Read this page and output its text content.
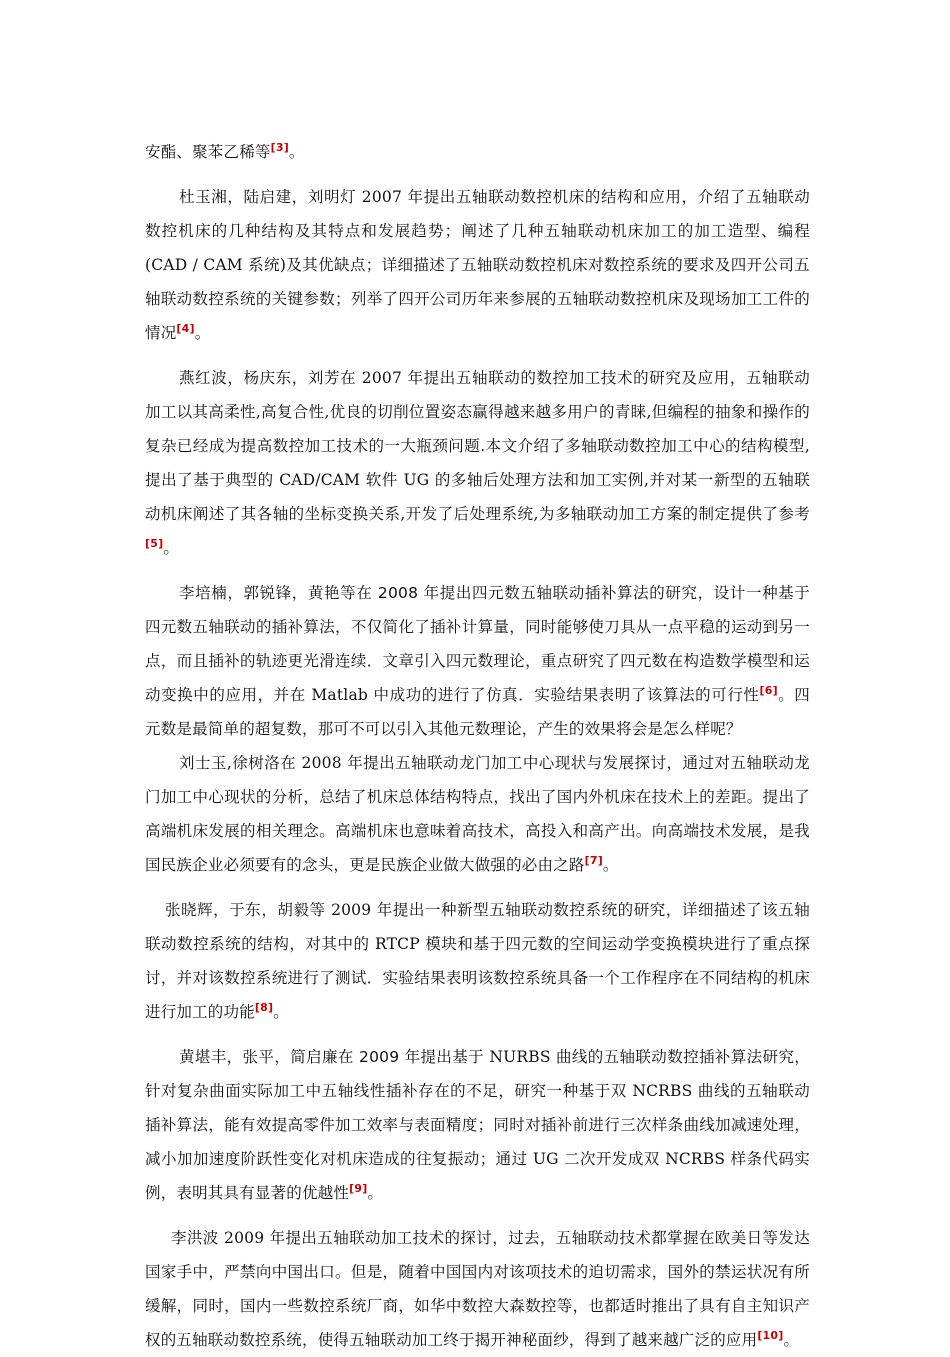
安酯、聚苯乙稀等[3]。

杜玉湘，陆启建，刘明灯 2007 年提出五轴联动数控机床的结构和应用，介绍了五轴联动数控机床的几种结构及其特点和发展趋势；阐述了几种五轴联动机床加工的加工造型、编程(CAD / CAM 系统)及其优缺点；详细描述了五轴联动数控机床对数控系统的要求及四开公司五轴联动数控系统的关键参数；列举了四开公司历年来参展的五轴联动数控机床及现场加工工件的情况[4]。

燕红波，杨庆东，刘芳在 2007 年提出五轴联动的数控加工技术的研究及应用，五轴联动加工以其高柔性,高复合性,优良的切削位置姿态赢得越来越多用户的青睐,但编程的抽象和操作的复杂已经成为提高数控加工技术的一大瓶颈问题.本文介绍了多轴联动数控加工中心的结构模型,提出了基于典型的 CAD/CAM 软件 UG 的多轴后处理方法和加工实例,并对某一新型的五轴联动机床阐述了其各轴的坐标变换关系,开发了后处理系统,为多轴联动加工方案的制定提供了参考[5]。

李培楠，郭锐锋，黄艳等在 2008 年提出四元数五轴联动插补算法的研究，设计一种基于四元数五轴联动的插补算法，不仅简化了插补计算量，同时能够使刀具从一点平稳的运动到另一点，而且插补的轨迹更光滑连续．文章引入四元数理论，重点研究了四元数在构造数学模型和运动变换中的应用，并在 Matlab 中成功的进行了仿真．实验结果表明了该算法的可行性[6]。四元数是最简单的超复数，那可不可以引入其他元数理论，产生的效果将会是怎么样呢？

刘士玉,徐树洛在 2008 年提出五轴联动龙门加工中心现状与发展探讨，通过对五轴联动龙门加工中心现状的分析，总结了机床总体结构特点，找出了国内外机床在技术上的差距。提出了高端机床发展的相关理念。高端机床也意味着高技术，高投入和高产出。向高端技术发展，是我国民族企业必须要有的念头，更是民族企业做大做强的必由之路[7]。

张晓辉，于东，胡毅等 2009 年提出一种新型五轴联动数控系统的研究，详细描述了该五轴联动数控系统的结构，对其中的 RTCP 模块和基于四元数的空间运动学变换模块进行了重点探讨，并对该数控系统进行了测试．实验结果表明该数控系统具备一个工作程序在不同结构的机床进行加工的功能[8]。

黄堪丰，张平，简启廉在 2009 年提出基于 NURBS 曲线的五轴联动数控插补算法研究，针对复杂曲面实际加工中五轴线性插补存在的不足，研究一种基于双 NCRBS 曲线的五轴联动插补算法，能有效提高零件加工效率与表面精度；同时对插补前进行三次样条曲线加减速处理，减小加加速度阶跃性变化对机床造成的往复振动；通过 UG 二次开发成双 NCRBS 样条代码实例，表明其具有显著的优越性[9]。

李洪波 2009 年提出五轴联动加工技术的探讨，过去，五轴联动技术都掌握在欧美日等发达国家手中，严禁向中国出口。但是，随着中国国内对该项技术的迫切需求，国外的禁运状况有所缓解，同时，国内一些数控系统厂商，如华中数控大森数控等，也都适时推出了具有自主知识产权的五轴联动数控系统，使得五轴联动加工终于揭开神秘面纱，得到了越来越广泛的应用[10]。
